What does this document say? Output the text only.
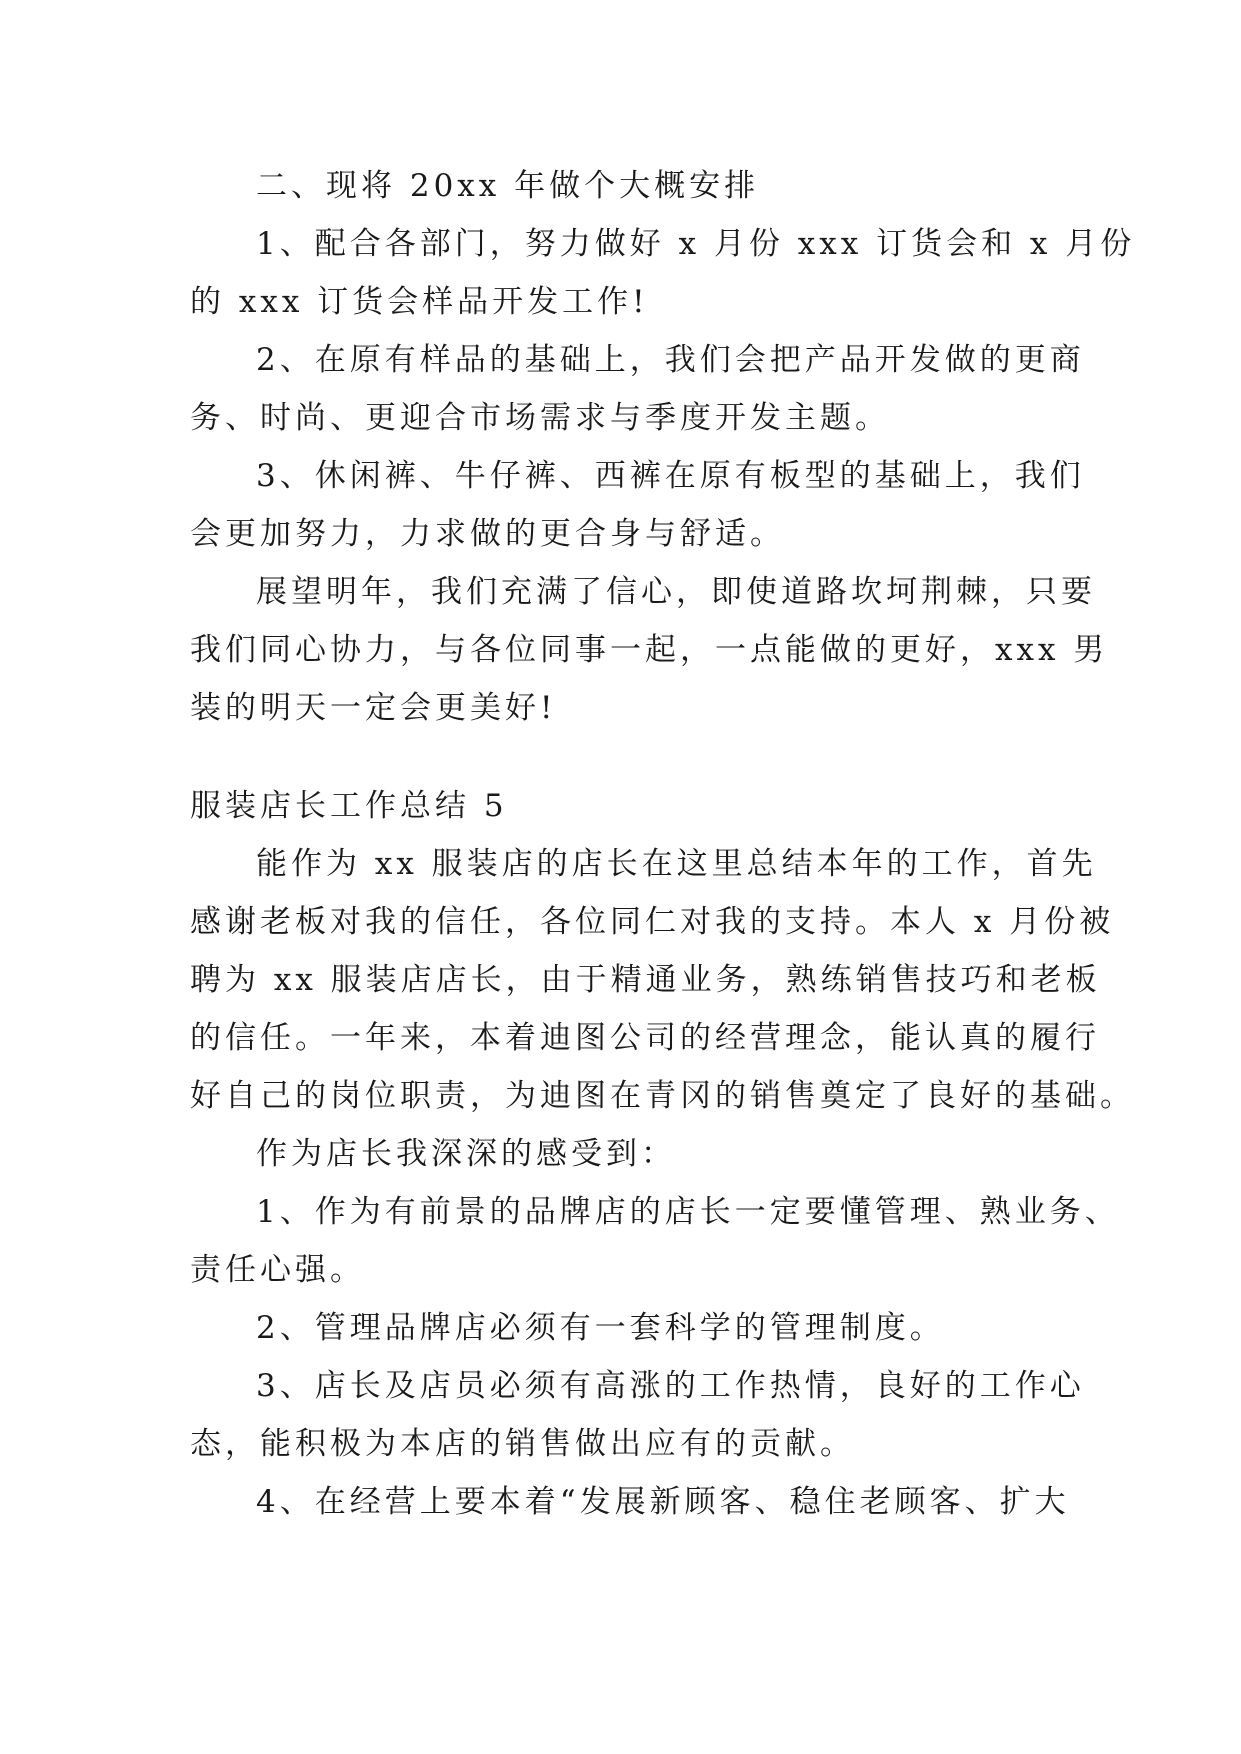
二、现将 20xx 年做个大概安排
1、配合各部门，努力做好 x 月份 xxx 订货会和 x 月份
的 xxx 订货会样品开发工作!
2、在原有样品的基础上，我们会把产品开发做的更商
务、时尚、更迎合市场需求与季度开发主题。
3、休闲裤、牛仔裤、西裤在原有板型的基础上，我们
会更加努力，力求做的更合身与舒适。
展望明年，我们充满了信心，即使道路坎坷荆棘，只要
我们同心协力，与各位同事一起，一点能做的更好，xxx 男
装的明天一定会更美好!
服装店长工作总结 5
能作为 xx 服装店的店长在这里总结本年的工作，首先
感谢老板对我的信任，各位同仁对我的支持。本人 x 月份被
聘为 xx 服装店店长，由于精通业务，熟练销售技巧和老板
的信任。一年来，本着迪图公司的经营理念，能认真的履行
好自己的岗位职责，为迪图在青冈的销售奠定了良好的基础。
作为店长我深深的感受到：
1、作为有前景的品牌店的店长一定要懂管理、熟业务、
责任心强。
2、管理品牌店必须有一套科学的管理制度。
3、店长及店员必须有高涨的工作热情，良好的工作心
态，能积极为本店的销售做出应有的贡献。
4、在经营上要本着“发展新顾客、稳住老顾客、扩大
